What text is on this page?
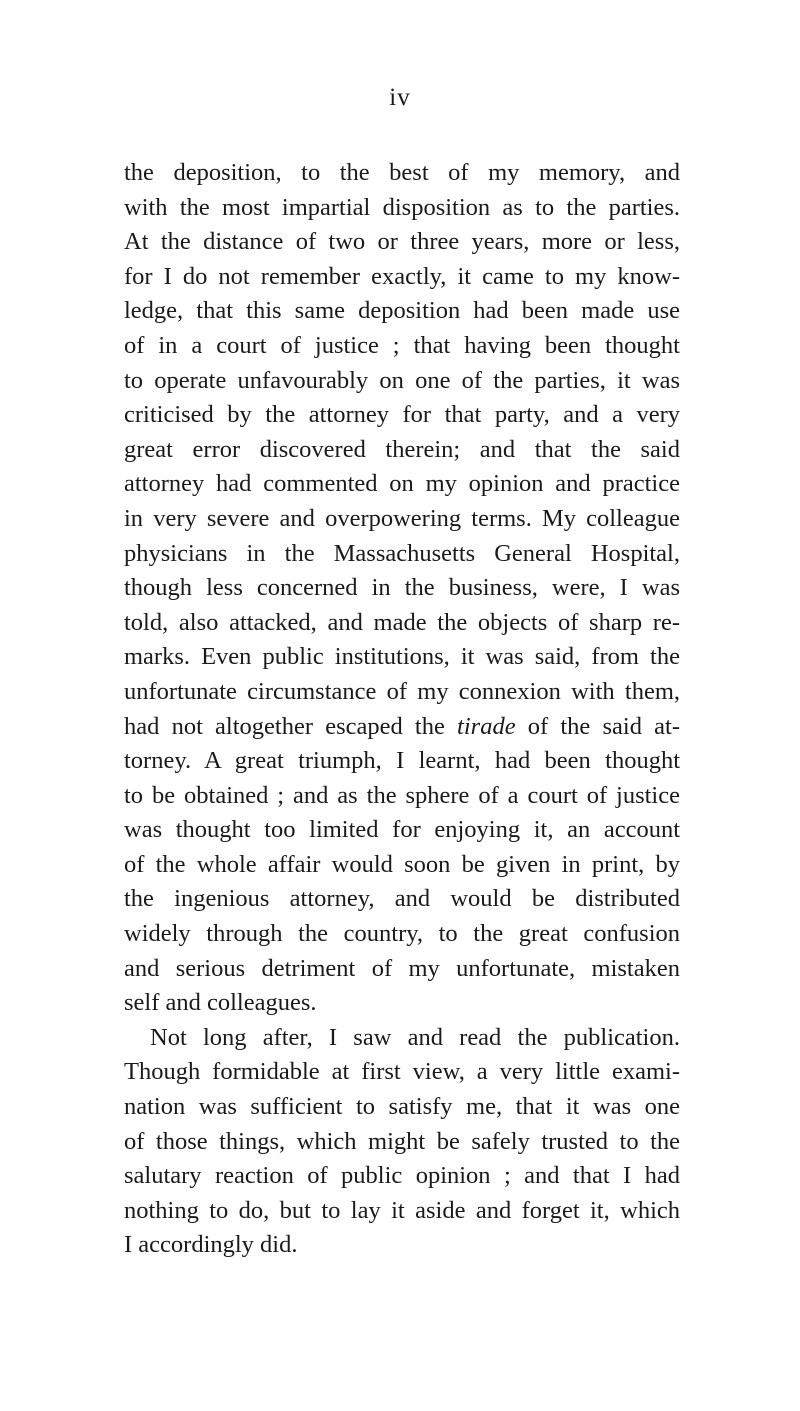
iv
the deposition, to the best of my memory, and
with the most impartial disposition as to the parties.
At the distance of two or three years, more or less,
for I do not remember exactly, it came to my know-
ledge, that this same deposition had been made use
of in a court of justice ; that having been thought
to operate unfavourably on one of the parties, it was
criticised by the attorney for that party, and a very
great error discovered therein; and that the said
attorney had commented on my opinion and practice
in very severe and overpowering terms. My colleague
physicians in the Massachusetts General Hospital,
though less concerned in the business, were, I was
told, also attacked, and made the objects of sharp re-
marks. Even public institutions, it was said, from the
unfortunate circumstance of my connexion with them,
had not altogether escaped the tirade of the said at-
torney. A great triumph, I learnt, had been thought
to be obtained ; and as the sphere of a court of justice
was thought too limited for enjoying it, an account
of the whole affair would soon be given in print, by
the ingenious attorney, and would be distributed
widely through the country, to the great confusion
and serious detriment of my unfortunate, mistaken
self and colleagues.
Not long after, I saw and read the publication.
Though formidable at first view, a very little exami-
nation was sufficient to satisfy me, that it was one
of those things, which might be safely trusted to the
salutary reaction of public opinion ; and that I had
nothing to do, but to lay it aside and forget it, which
I accordingly did.
